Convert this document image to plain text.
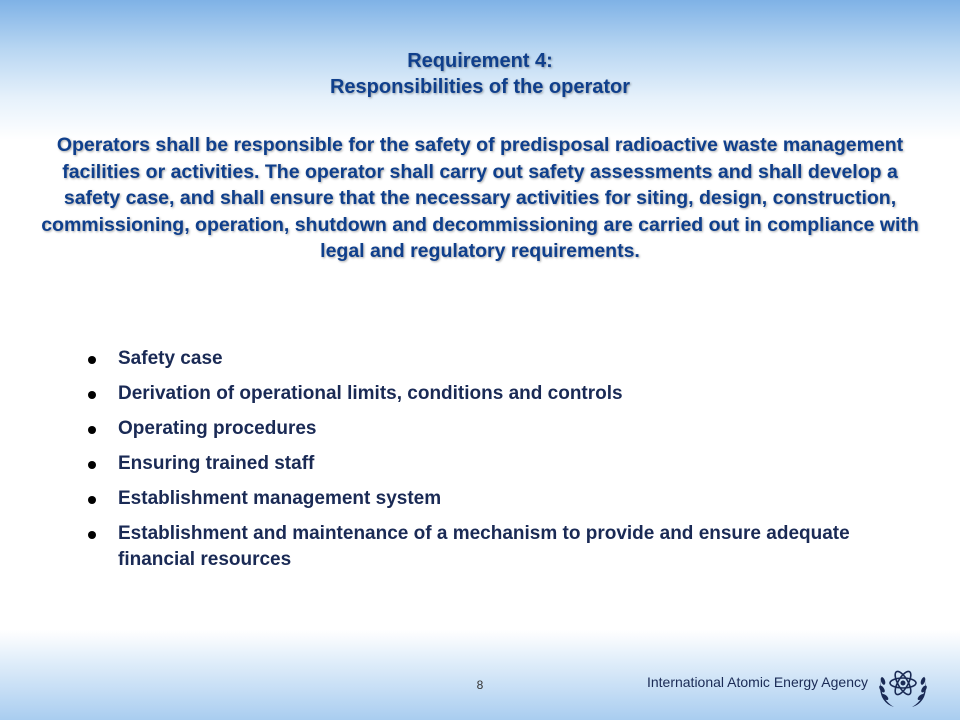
Requirement 4:
Responsibilities of the operator
Operators shall be responsible for the safety of predisposal radioactive waste management facilities or activities. The operator shall carry out safety assessments and shall develop a safety case, and shall ensure that the necessary activities for siting, design, construction, commissioning, operation, shutdown and decommissioning are carried out in compliance with legal and regulatory requirements.
Safety case
Derivation of operational limits, conditions and controls
Operating procedures
Ensuring trained staff
Establishment management system
Establishment and maintenance of a mechanism to provide and ensure adequate financial resources
8	International Atomic Energy Agency
